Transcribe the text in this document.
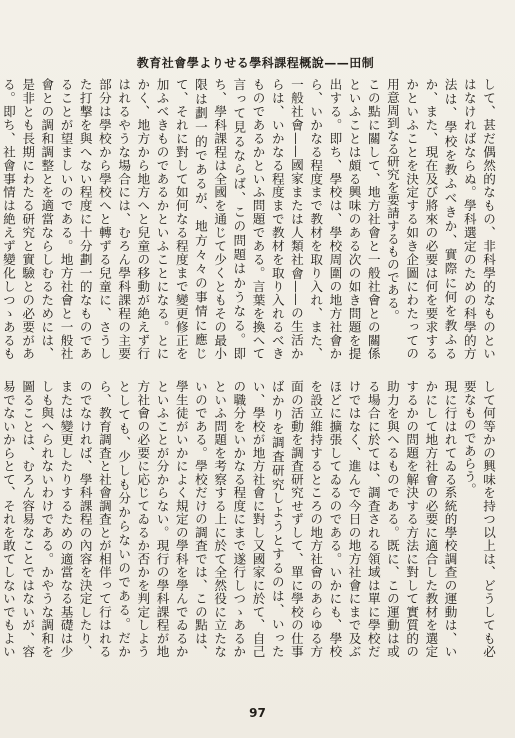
教育社會學よりせる學科課程概說——田制

して、甚だ偶然的なもの、非科學的なものといはなければならぬ。學科選定のための科學的方法は、學校を教ふべきか、實際に何を教ふるか、また、現在及び將來の必要は何を要求するかといふことを決定する如き企圖にわたっての用意周到なる研究を要請するものである。

この點に關して、地方社會と一般社會との關係といふことは頗る興味のある次の如き問題を提出する。即ち、學校は、學校周圍の地方社會から、いかなる程度まで教材を取り入れ、また、一般社會——國家または人類社會——の生活からは、いかなる程度まで教材を取り入れるべきものであるかといふ問題である。言葉を換へて言って見るならば、この問題はかうなる。即ち、學科課程は全國を通じて少くともその最小限は劃一的であるが、地方々々の事情に應じて、それに對して如何なる程度まで變更修正を加ふべきものであるかといふことになる。とにかく、地方から地方へと兒童の移動が絶えず行はれるやうな場合には、むろん學科課程の主要部分は學校から學校へと轉ずる兒童に、さうした打撃を與へない程度に十分劃一的なものであることが望ましいのである。地方社會と一般社會との調和調整とを適當ならしむるためには、是非とも長期にわたる研究と實驗との必要がある。即ち、社會事情は絶えず變化しつゝあるも

して何等かの興味を持つ以上は、どうしても必要なものであらう。

現に行はれてゐる系統的學校調查の運動は、いかにして地方社會の必要に適合した教材を選定するかの問題を解決する方法に對して實質的の助力を與へるものである。既に、この運動は或る場合に於ては、調査される領域は單に學校だけではなく、進んで今日の地方社會にまで及ぶほどに擴張してゐるのである。いかにも、學校を設立維持するところの地方社會のあらゆる方面の活動を調査研究せずして、單に學校の仕事ばかりを調査研究しようとするのは、いったい、學校が地方社會に對し又國家に於て、自己の職分をいかなる程度にまで遂行しつゝあるかといふ問題を考察する上に於て全然役に立たないのである。學校だけの調査では、この點は、學生徒がいかによく規定の學科を學んでゐるかといふことが分からない。現行の學科課程が地方社會の必要に応じてゐるか否かを判定しようとしても、少しも分からないのである。だから、教育調査と社會調査とが相伴って行はれるのでなければ、學科課程の內容を決定したり、または變更したりするための適當なる基礎は少しも與へられないわけである。かやうな調和を圖ることは、むろん容易なことではないが、容易でないからとて、それを敢てしないでもよい

97
